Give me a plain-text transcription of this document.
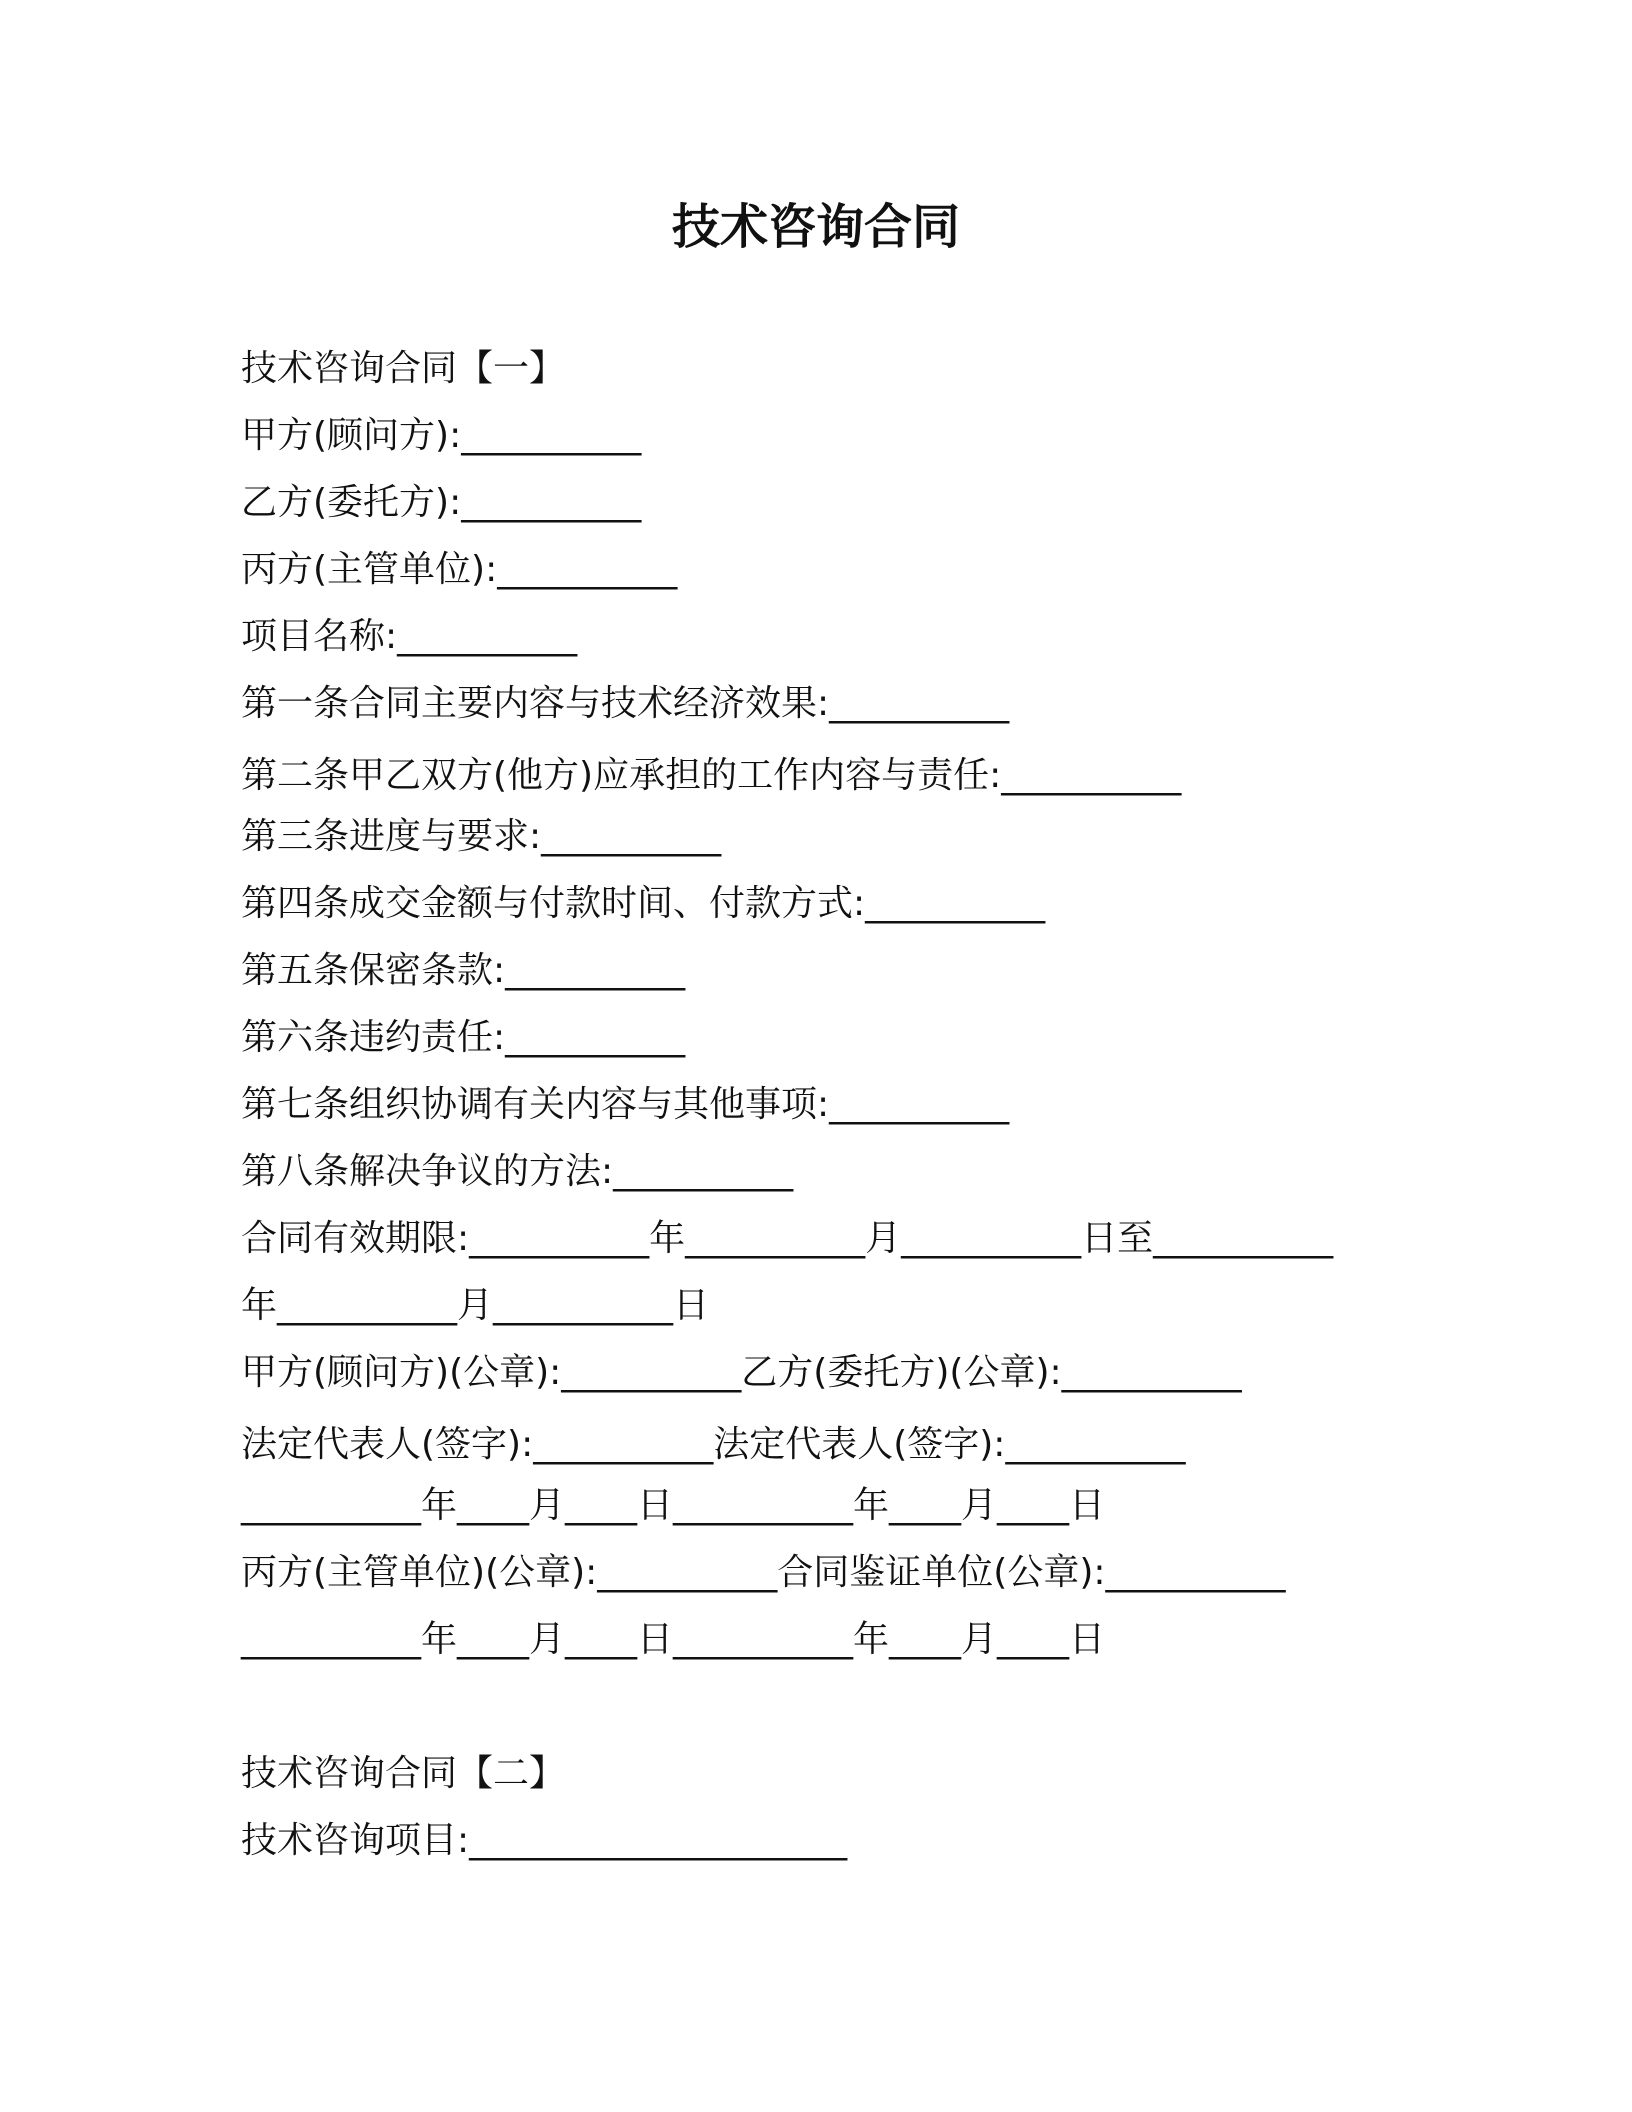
技术咨询合同
技术咨询合同【一】
甲方(顾问方):__________
乙方(委托方):__________
丙方(主管单位):__________
项目名称:__________
第一条合同主要内容与技术经济效果:__________
第二条甲乙双方(他方)应承担的工作内容与责任:__________
第三条进度与要求:__________
第四条成交金额与付款时间、付款方式:__________
第五条保密条款:__________
第六条违约责任:__________
第七条组织协调有关内容与其他事项:__________
第八条解决争议的方法:__________
合同有效期限:__________年__________月__________日至__________
年__________月__________日
甲方(顾问方)(公章):__________乙方(委托方)(公章):__________
法定代表人(签字):__________法定代表人(签字):__________
__________年____月____日__________年____月____日
丙方(主管单位)(公章):__________合同鉴证单位(公章):__________
__________年____月____日__________年____月____日
技术咨询合同【二】
技术咨询项目:_____________________
